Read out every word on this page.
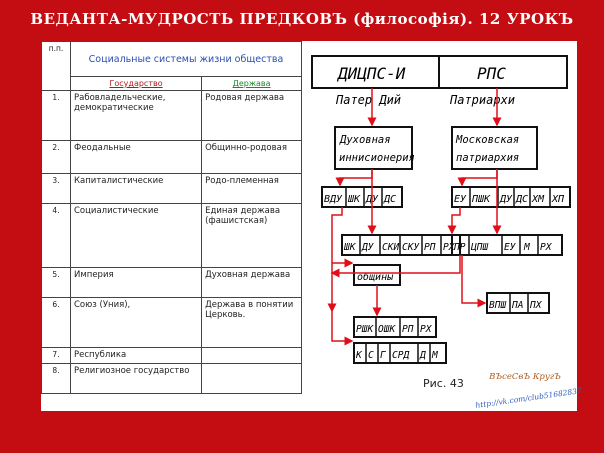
ВЕДАНТА-МУДРОСТЬ ПРЕДКОВЪ (философiя). 12 УРОКЪ
п.п.	Социальные системы жизни общества	
	Государство	Держава
1.	Рабовладельческие, демократические	Родовая держава
2.	Феодальные	Общинно-родовая
3.	Капиталистические	Родо-племенная
4.	Социалистические	Единая держава (фашистская)
5.	Империя	Духовная держава
6.	Союз (Уния),	Держава в понятии Церковь.
7.	Республика	
8.	Религиозное государство	
ДИЦПС-И	РПС
Патер Дий	Патриархи
Духовная
иннисионерия
Московская
патриархия
ВДУ ШК ДУ ДС	ЕУ ПШК ДУ ДС ХМ ХП
ШК ДУ СКИ СКУ РП РХ ПР ЦПШ ЕУ М РХ
общины
ВПШ ПА ПХ
РШК ОШК РП РХ
К С Г СРД Д М
Рис. 43	ВЪсеСвЪ КругЪ
http://vk.com/club51682837
